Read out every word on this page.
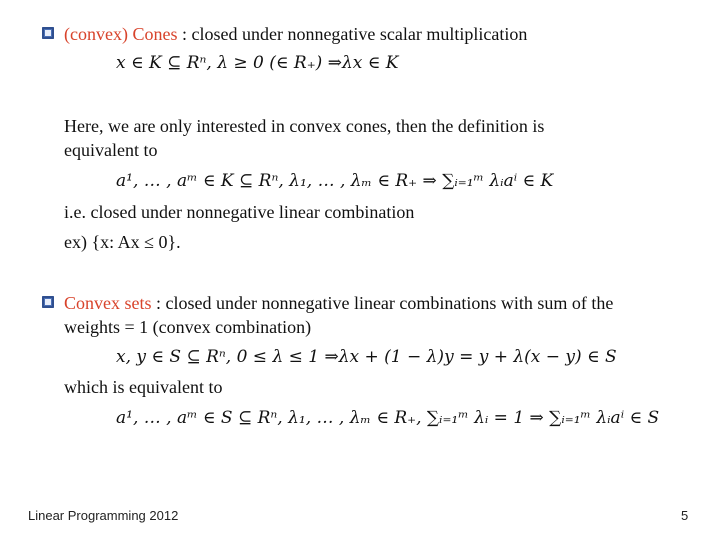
(convex) Cones : closed under nonnegative scalar multiplication
x ∈ K ⊆ Rⁿ, λ ≥ 0 (∈ R₊) ⇒λx ∈ K
Here, we are only interested in convex cones, then the definition is
equivalent to
a¹, … , aᵐ ∈ K ⊆ Rⁿ, λ₁, … , λₘ ∈ R₊ ⇒ ∑ᵢ₌₁ᵐ λᵢaⁱ ∈ K
i.e. closed under nonnegative linear combination
ex) {x: Ax ≤ 0}.
Convex sets : closed under nonnegative linear combinations with sum of the
weights = 1 (convex combination)
x, y ∈ S ⊆ Rⁿ, 0 ≤ λ ≤ 1 ⇒λx + (1 − λ)y = y + λ(x − y) ∈ S
which is equivalent to
a¹, … , aᵐ ∈ S ⊆ Rⁿ, λ₁, … , λₘ ∈ R₊, ∑ᵢ₌₁ᵐ λᵢ = 1 ⇒ ∑ᵢ₌₁ᵐ λᵢaⁱ ∈ S
Linear Programming 2012	5
